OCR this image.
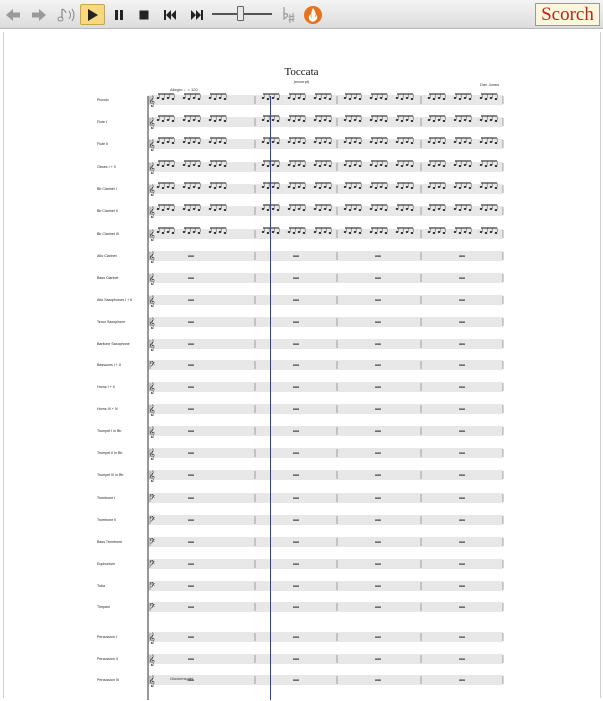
Scorch
Toccata
(excerpt)
Dan Jones
Allegro ♩= 120
Piccolo
Flute I
Flute II
Oboes I + II
Bb Clarinet I
Bb Clarinet II
Bb Clarinet III
Alto Clarinet
Bass Clarinet
Alto Saxophones I + II
Tenor Saxophone
Baritone Saxophone
Bassoons I + II
Horns I + II
Horns III + IV
Trumpet I in Bb
Trumpet II in Bb
Trumpet III in Bb
Trombone I
Trombone II
Bass Trombone
Euphonium
Tuba
Timpani
Percussion I
Percussion II
Percussion III
𝄞
𝄞
𝄞
𝄞
𝄞
𝄞
𝄞
𝄞
𝄞
𝄞
𝄞
𝄞
𝄢
𝄞
𝄞
𝄞
𝄞
𝄞
𝄢
𝄢
𝄢
𝄢
𝄢
𝄢
𝄞
𝄞
𝄞	Glockenspiel
